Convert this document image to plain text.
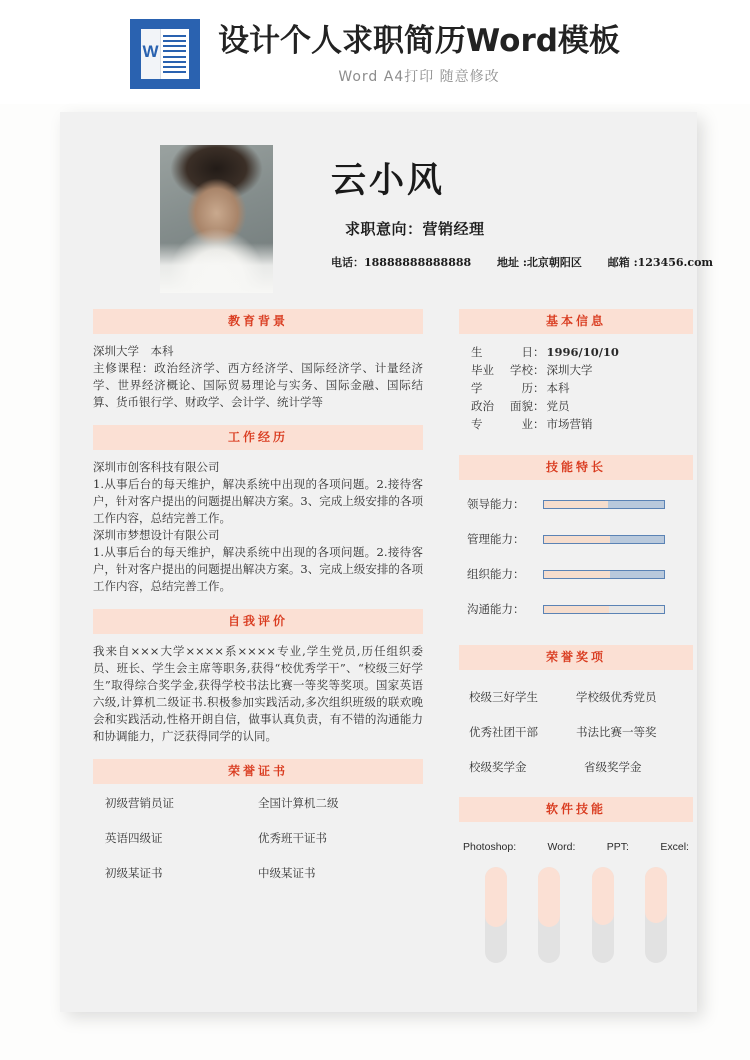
W 设计个人求职简历Word模板
Word A4打印 随意修改
云小风
求职意向：营销经理
电话：18888888888888 地址 :北京朝阳区 邮箱 :123456.com
教育背景

深圳大学　本科

主修课程：政治经济学、西方经济学、国际经济学、计量经济学、世界经济概论、国际贸易理论与实务、国际金融、国际结算、货币银行学、财政学、会计学、统计学等

工作经历

深圳市创客科技有限公司

1.从事后台的每天维护，解决系统中出现的各项问题。2.接待客户，针对客户提出的问题提出解决方案。3、完成上级安排的各项工作内容，总结完善工作。

深圳市梦想设计有限公司

1.从事后台的每天维护，解决系统中出现的各项问题。2.接待客户，针对客户提出的问题提出解决方案。3、完成上级安排的各项工作内容，总结完善工作。

自我评价

我来自×××大学××××系××××专业,学生党员,历任组织委员、班长、学生会主席等职务,获得“校优秀学干”、“校级三好学生”取得综合奖学金,获得学校书法比赛一等奖等奖项。国家英语六级,计算机二级证书.积极参加实践活动,多次组织班级的联欢晚会和实践活动,性格开朗自信，做事认真负责，有不错的沟通能力和协调能力，广泛获得同学的认同。

荣誉证书
初级营销员证	全国计算机二级
英语四级证	优秀班干证书
初级某证书	中级某证书
基本信息
生	日 ： 1996/10/10
毕业 学校 ： 深圳大学
学	历 ： 本科
政治 面貌 ： 党员
专	业 ： 市场营销
技能特长
领导能力：
管理能力：
组织能力：
沟通能力：
荣誉奖项
校级三好学生	学校级优秀党员
优秀社团干部	书法比赛一等奖
校级奖学金	省级奖学金
软件技能
Photoshop:	Word:	PPT:	Excel:
